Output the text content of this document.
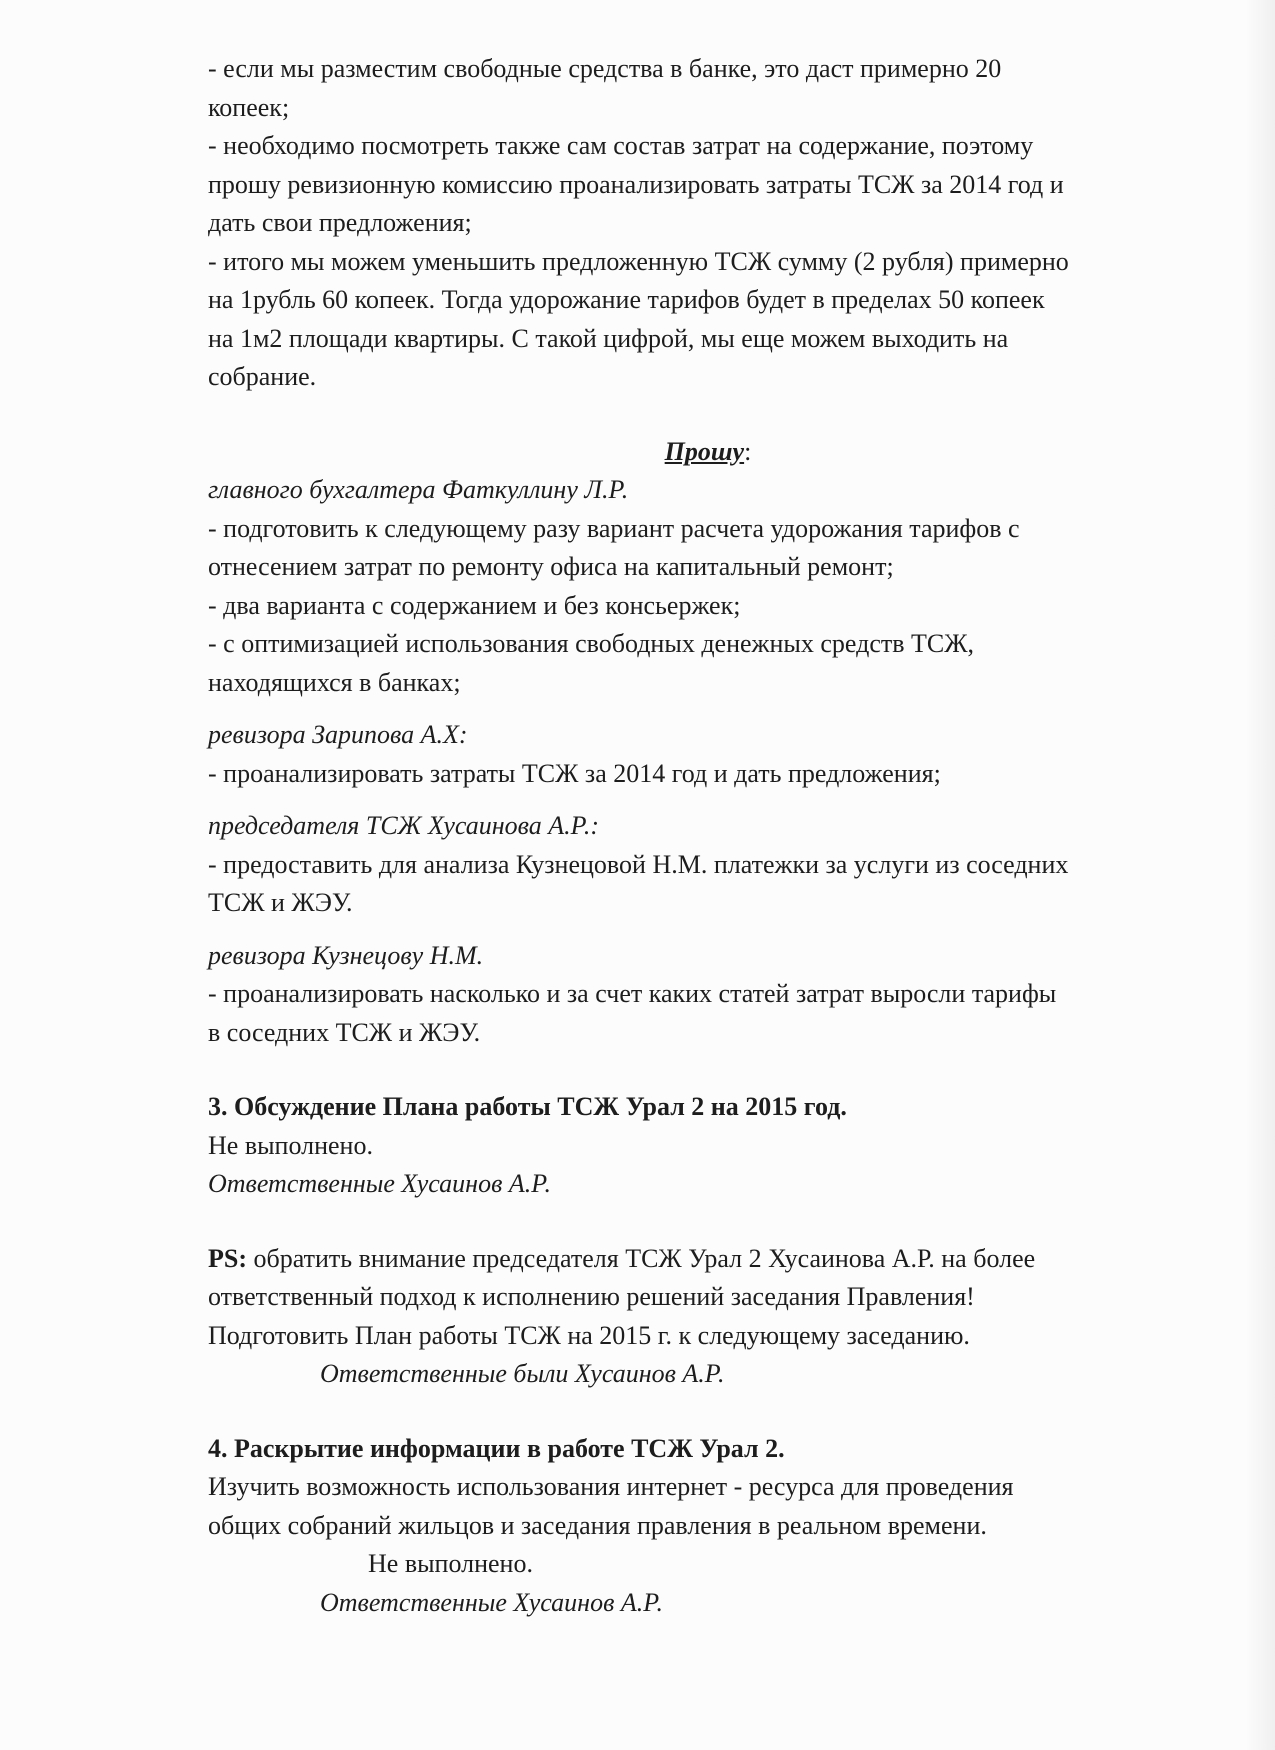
- если мы разместим свободные средства в банке, это даст примерно 20

копеек;

- необходимо посмотреть также сам состав затрат на содержание, поэтому

прошу ревизионную комиссию проанализировать затраты ТСЖ за 2014 год и

дать свои предложения;

- итого мы можем уменьшить предложенную ТСЖ сумму (2 рубля) примерно

на 1рубль 60 копеек. Тогда удорожание тарифов будет в пределах 50 копеек

на 1м2 площади квартиры. С такой цифрой, мы еще можем выходить на

собрание.

Прошу:

главного бухгалтера Фаткуллину Л.Р.

- подготовить к следующему разу вариант расчета удорожания тарифов с

отнесением затрат по ремонту офиса на капитальный ремонт;

- два варианта с содержанием и без консьержек;

- с оптимизацией использования свободных денежных средств ТСЖ,

находящихся в банках;

ревизора Зарипова А.Х:

- проанализировать затраты ТСЖ за 2014 год и дать предложения;

председателя ТСЖ Хусаинова А.Р.:

- предоставить для анализа Кузнецовой Н.М. платежки за услуги из соседних

ТСЖ и ЖЭУ.

ревизора Кузнецову Н.М.

- проанализировать насколько и за счет каких статей затрат выросли тарифы

в соседних ТСЖ и ЖЭУ.

3. Обсуждение Плана работы ТСЖ Урал 2 на 2015 год.

Не выполнено.

Ответственные Хусаинов А.Р.

PS: обратить внимание председателя ТСЖ Урал 2 Хусаинова А.Р. на более

ответственный подход к исполнению решений заседания Правления!

Подготовить План работы ТСЖ на 2015 г. к следующему заседанию.

Ответственные были Хусаинов А.Р.

4. Раскрытие информации в работе ТСЖ Урал 2.

Изучить возможность использования интернет - ресурса для проведения

общих собраний жильцов и заседания правления в реальном времени.

Не выполнено.

Ответственные Хусаинов А.Р.
